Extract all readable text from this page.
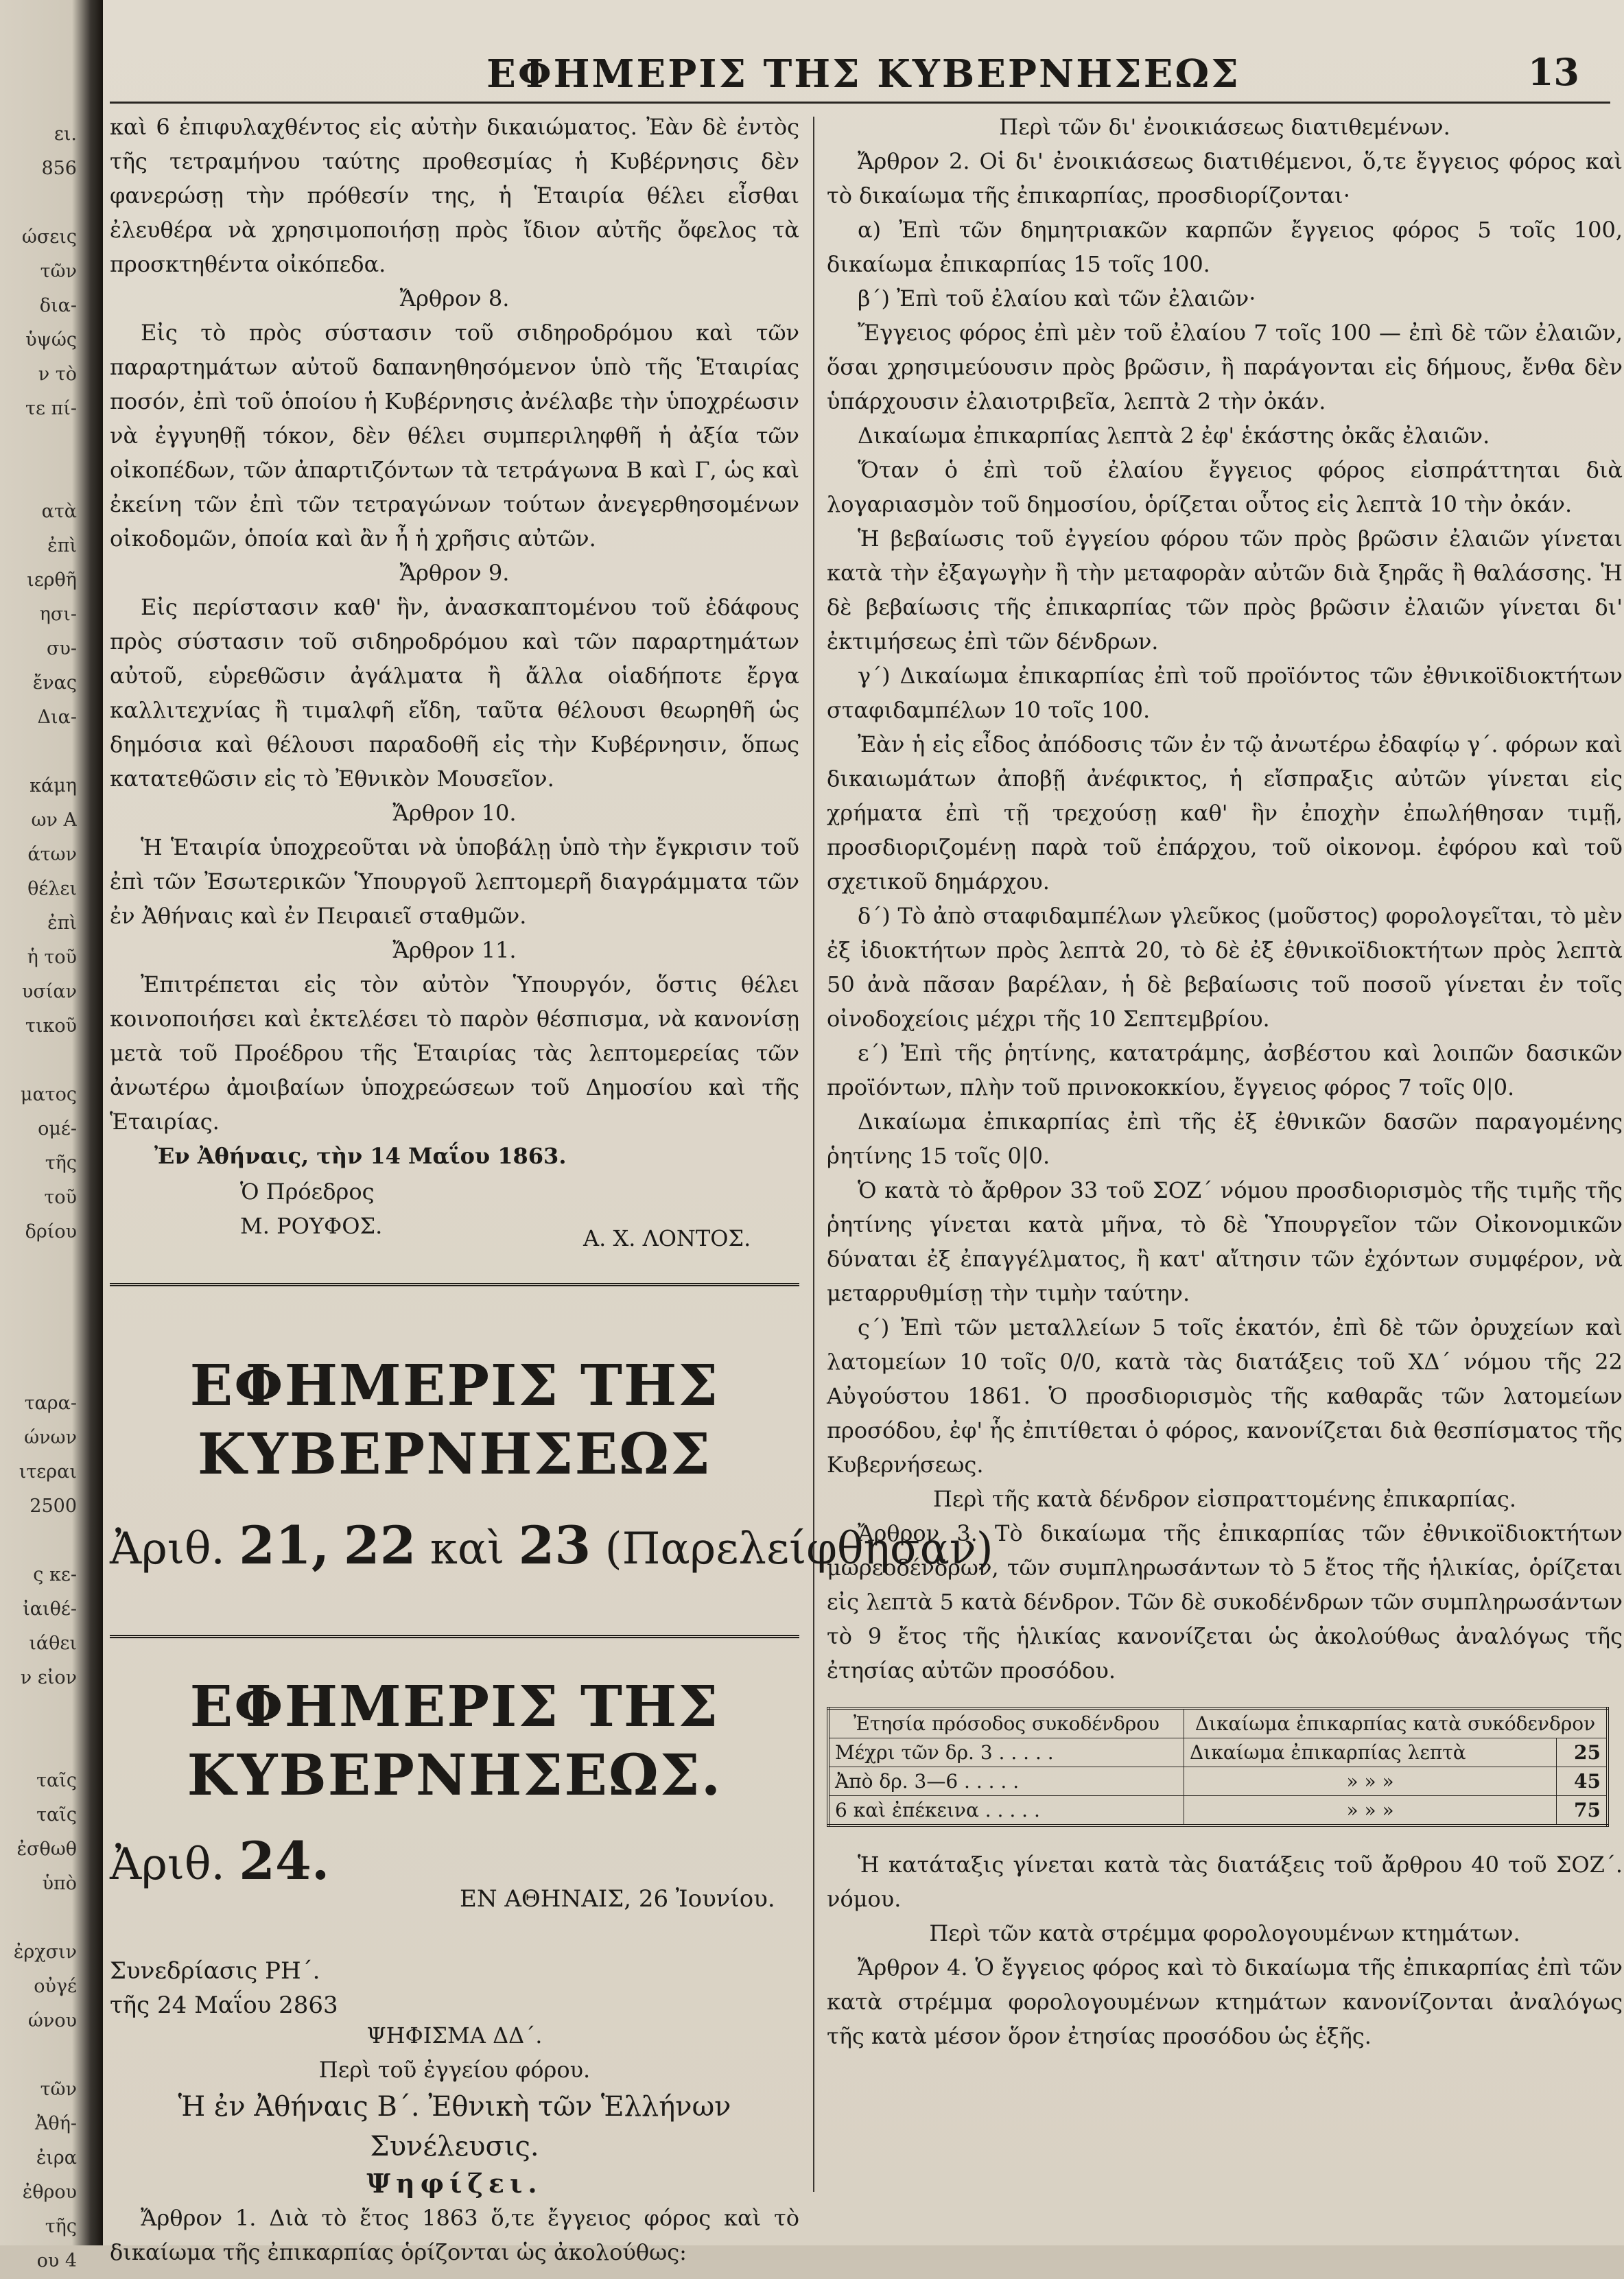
ει.
856
ώσεις
τῶν
δια-
ὑψώς
ν τὸ
τε πί-
ατὰ
ἐπὶ
ιερθῆ
ησι-
συ-
ἔνας
Δια-
κάμη
ων Α
άτων
θέλει
ἐπὶ
ἡ τοῦ
υσίαν
τικοῦ
ματος
ομέ-
τῆς
τοῦ
δρίου
ταρα-
ώνων
ιτεραι
2500
ς κε-
ἰαιθέ-
ιάθει
ν εἰον
ταῖς
ταῖς
ἐσθωθ
ὑπὸ
ἐρχσιν
οὐγέ
ώνου
τῶν
Ἀθή-
ἐιρα
ἐθρου
τῆς
ου 4
ΕΦΗΜΕΡΙΣ ΤΗΣ ΚΥΒΕΡΝΗΣΕΩΣ	13

καὶ 6 ἐπιφυλαχθέντος εἰς αὐτὴν δικαιώματος. Ἐὰν δὲ ἐντὸς τῆς τετραμήνου ταύτης προθεσμίας ἡ Κυβέρνησις δὲν φανερώσῃ τὴν πρόθεσίν της, ἡ Ἑταιρία θέλει εἶσθαι ἐλευθέρα νὰ χρησιμοποιήσῃ πρὸς ἴδιον αὐτῆς ὄφελος τὰ προσκτηθέντα οἰκόπεδα.

Ἄρθρον 8.

Εἰς τὸ πρὸς σύστασιν τοῦ σιδηροδρόμου καὶ τῶν παραρτημάτων αὐτοῦ δαπανηθησόμενον ὑπὸ τῆς Ἑταιρίας ποσόν, ἐπὶ τοῦ ὁποίου ἡ Κυβέρνησις ἀνέλαβε τὴν ὑποχρέωσιν νὰ ἐγγυηθῇ τόκον, δὲν θέλει συμπεριληφθῆ ἡ ἀξία τῶν οἰκοπέδων, τῶν ἀπαρτιζόντων τὰ τετράγωνα Β καὶ Γ, ὡς καὶ ἐκείνη τῶν ἐπὶ τῶν τετραγώνων τούτων ἀνεγερθησομένων οἰκοδομῶν, ὁποία καὶ ἂν ἦ ἡ χρῆσις αὐτῶν.

Ἄρθρον 9.

Εἰς περίστασιν καθ' ἣν, ἀνασκαπτομένου τοῦ ἐδάφους πρὸς σύστασιν τοῦ σιδηροδρόμου καὶ τῶν παραρτημάτων αὐτοῦ, εὑρεθῶσιν ἀγάλματα ἢ ἄλλα οἱαδήποτε ἔργα καλλιτεχνίας ἢ τιμαλφῆ εἴδη, ταῦτα θέλουσι θεωρηθῆ ὡς δημόσια καὶ θέλουσι παραδοθῆ εἰς τὴν Κυβέρνησιν, ὅπως κατατεθῶσιν εἰς τὸ Ἐθνικὸν Μουσεῖον.

Ἄρθρον 10.

Ἡ Ἑταιρία ὑποχρεοῦται νὰ ὑποβάλῃ ὑπὸ τὴν ἔγκρισιν τοῦ ἐπὶ τῶν Ἐσωτερικῶν Ὑπουργοῦ λεπτομερῆ διαγράμματα τῶν ἐν Ἀθήναις καὶ ἐν Πειραιεῖ σταθμῶν.

Ἄρθρον 11.

Ἐπιτρέπεται εἰς τὸν αὐτὸν Ὑπουργόν, ὅστις θέλει κοινοποιήσει καὶ ἐκτελέσει τὸ παρὸν θέσπισμα, νὰ κανονίσῃ μετὰ τοῦ Προέδρου τῆς Ἑταιρίας τὰς λεπτομερείας τῶν ἀνωτέρω ἀμοιβαίων ὑποχρεώσεων τοῦ Δημοσίου καὶ τῆς Ἑταιρίας.

Ἐν Ἀθήναις, τὴν 14 Μαΐου 1863.

Ὁ Πρόεδρος
Μ. ΡΟΥΦΟΣ.	Α. Χ. ΛΟΝΤΟΣ.
ΕΦΗΜΕΡΙΣ ΤΗΣ ΚΥΒΕΡΝΗΣΕΩΣ
Ἀριθ. 21, 22 καὶ 23 (Παρελείφθησαν)
ΕΦΗΜΕΡΙΣ ΤΗΣ ΚΥΒΕΡΝΗΣΕΩΣ.
Ἀριθ. 24.
ΕΝ ΑΘΗΝΑΙΣ, 26 Ἰουνίου.
Συνεδρίασις ΡΗ΄.
τῆς 24 Μαΐου 2863
ΨΗΦΙΣΜΑ ΔΔ΄.
Περὶ τοῦ ἐγγείου φόρου.
Ἡ ἐν Ἀθήναις Β΄. Ἐθνικὴ τῶν Ἑλλήνων Συνέλευσις.
Ψηφίζει.

Ἄρθρον 1. Διὰ τὸ ἔτος 1863 ὅ,τε ἔγγειος φόρος καὶ τὸ δικαίωμα τῆς ἐπικαρπίας ὁρίζονται ὡς ἀκολούθως:

Περὶ τῶν δι' ἐνοικιάσεως διατιθεμένων.

Ἄρθρον 2. Οἱ δι' ἐνοικιάσεως διατιθέμενοι, ὅ,τε ἔγγειος φόρος καὶ τὸ δικαίωμα τῆς ἐπικαρπίας, προσδιορίζονται·

α) Ἐπὶ τῶν δημητριακῶν καρπῶν ἔγγειος φόρος 5 τοῖς 100, δικαίωμα ἐπικαρπίας 15 τοῖς 100.

β΄) Ἐπὶ τοῦ ἐλαίου καὶ τῶν ἐλαιῶν·

Ἔγγειος φόρος ἐπὶ μὲν τοῦ ἐλαίου 7 τοῖς 100 — ἐπὶ δὲ τῶν ἐλαιῶν, ὅσαι χρησιμεύουσιν πρὸς βρῶσιν, ἢ παράγονται εἰς δήμους, ἔνθα δὲν ὑπάρχουσιν ἐλαιοτριβεῖα, λεπτὰ 2 τὴν ὀκάν.

Δικαίωμα ἐπικαρπίας λεπτὰ 2 ἐφ' ἑκάστης ὀκᾶς ἐλαιῶν.

Ὅταν ὁ ἐπὶ τοῦ ἐλαίου ἔγγειος φόρος εἰσπράττηται διὰ λογαριασμὸν τοῦ δημοσίου, ὁρίζεται οὗτος εἰς λεπτὰ 10 τὴν ὀκάν.

Ἡ βεβαίωσις τοῦ ἐγγείου φόρου τῶν πρὸς βρῶσιν ἐλαιῶν γίνεται κατὰ τὴν ἐξαγωγὴν ἢ τὴν μεταφορὰν αὐτῶν διὰ ξηρᾶς ἢ θαλάσσης. Ἡ δὲ βεβαίωσις τῆς ἐπικαρπίας τῶν πρὸς βρῶσιν ἐλαιῶν γίνεται δι' ἐκτιμήσεως ἐπὶ τῶν δένδρων.

γ΄) Δικαίωμα ἐπικαρπίας ἐπὶ τοῦ προϊόντος τῶν ἐθνικοϊδιοκτήτων σταφιδαμπέλων 10 τοῖς 100.

Ἐὰν ἡ εἰς εἶδος ἀπόδοσις τῶν ἐν τῷ ἀνωτέρω ἐδαφίῳ γ΄. φόρων καὶ δικαιωμάτων ἀποβῇ ἀνέφικτος, ἡ εἴσπραξις αὐτῶν γίνεται εἰς χρήματα ἐπὶ τῇ τρεχούσῃ καθ' ἣν ἐποχὴν ἐπωλήθησαν τιμῇ, προσδιοριζομένῃ παρὰ τοῦ ἐπάρχου, τοῦ οἰκονομ. ἐφόρου καὶ τοῦ σχετικοῦ δημάρχου.

δ΄) Τὸ ἀπὸ σταφιδαμπέλων γλεῦκος (μοῦστος) φορολογεῖται, τὸ μὲν ἐξ ἰδιοκτήτων πρὸς λεπτὰ 20, τὸ δὲ ἐξ ἐθνικοϊδιοκτήτων πρὸς λεπτὰ 50 ἀνὰ πᾶσαν βαρέλαν, ἡ δὲ βεβαίωσις τοῦ ποσοῦ γίνεται ἐν τοῖς οἰνοδοχείοις μέχρι τῆς 10 Σεπτεμβρίου.

ε΄) Ἐπὶ τῆς ῥητίνης, κατατράμης, ἀσβέστου καὶ λοιπῶν δασικῶν προϊόντων, πλὴν τοῦ πρινοκοκκίου, ἔγγειος φόρος 7 τοῖς 0|0.

Δικαίωμα ἐπικαρπίας ἐπὶ τῆς ἐξ ἐθνικῶν δασῶν παραγομένης ῥητίνης 15 τοῖς 0|0.

Ὁ κατὰ τὸ ἄρθρον 33 τοῦ ΣΟΖ΄ νόμου προσδιορισμὸς τῆς τιμῆς τῆς ῥητίνης γίνεται κατὰ μῆνα, τὸ δὲ Ὑπουργεῖον τῶν Οἰκονομικῶν δύναται ἐξ ἐπαγγέλματος, ἢ κατ' αἴτησιν τῶν ἐχόντων συμφέρον, νὰ μεταρρυθμίσῃ τὴν τιμὴν ταύτην.

ς΄) Ἐπὶ τῶν μεταλλείων 5 τοῖς ἑκατόν, ἐπὶ δὲ τῶν ὀρυχείων καὶ λατομείων 10 τοῖς 0/0, κατὰ τὰς διατάξεις τοῦ ΧΔ΄ νόμου τῆς 22 Αὐγούστου 1861. Ὁ προσδιορισμὸς τῆς καθαρᾶς τῶν λατομείων προσόδου, ἐφ' ἧς ἐπιτίθεται ὁ φόρος, κανονίζεται διὰ θεσπίσματος τῆς Κυβερνήσεως.

Περὶ τῆς κατὰ δένδρον εἰσπραττομένης ἐπικαρπίας.

Ἄρθρον 3. Τὸ δικαίωμα τῆς ἐπικαρπίας τῶν ἐθνικοϊδιοκτήτων μωρεοδένδρων, τῶν συμπληρωσάντων τὸ 5 ἔτος τῆς ἡλικίας, ὁρίζεται εἰς λεπτὰ 5 κατὰ δένδρον. Τῶν δὲ συκοδένδρων τῶν συμπληρωσάντων τὸ 9 ἔτος τῆς ἡλικίας κανονίζεται ὡς ἀκολούθως ἀναλόγως τῆς ἐτησίας αὐτῶν προσόδου.

Ἐτησία πρόσοδος συκοδένδρου	Δικαίωμα ἐπικαρπίας κατὰ συκόδενδρον	
Μέχρι τῶν δρ. 3 . . . . .	Δικαίωμα ἐπικαρπίας λεπτὰ	25
Ἀπὸ δρ. 3—6 . . . . .	» » »	45
6 καὶ ἐπέκεινα . . . . .	» » »	75

Ἡ κατάταξις γίνεται κατὰ τὰς διατάξεις τοῦ ἄρθρου 40 τοῦ ΣΟΖ΄. νόμου.

Περὶ τῶν κατὰ στρέμμα φορολογουμένων κτημάτων.

Ἄρθρον 4. Ὁ ἔγγειος φόρος καὶ τὸ δικαίωμα τῆς ἐπικαρπίας ἐπὶ τῶν κατὰ στρέμμα φορολογουμένων κτημάτων κανονίζονται ἀναλόγως τῆς κατὰ μέσον ὅρον ἐτησίας προσόδου ὡς ἑξῆς.
